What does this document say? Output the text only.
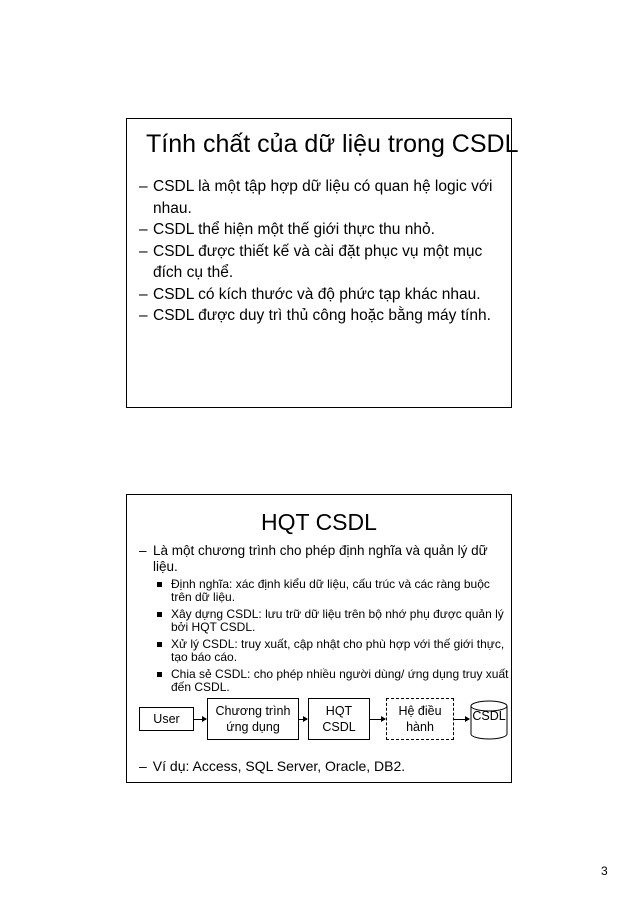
Tính chất của dữ liệu trong CSDL
– CSDL là một tập hợp dữ liệu có quan hệ logic với nhau.
– CSDL thể hiện một thế giới thực thu nhỏ.
– CSDL được thiết kế và cài đặt phục vụ một mục đích cụ thể.
– CSDL có kích thước và độ phức tạp khác nhau.
– CSDL được duy trì thủ công hoặc bằng máy tính.
HQT CSDL
– Là một chương trình cho phép định nghĩa và quản lý dữ liệu.
Định nghĩa: xác định kiểu dữ liệu, cấu trúc và các ràng buộc trên dữ liệu.
Xây dựng CSDL: lưu trữ dữ liệu trên bộ nhớ phụ được quản lý bởi HQT CSDL.
Xử lý CSDL: truy xuất, cập nhật cho phù hợp với thế giới thực, tạo báo cáo.
Chia sẻ CSDL: cho phép nhiều người dùng/ ứng dụng truy xuất đến CSDL.
User
Chương trình
ứng dụng
HQT
CSDL
Hệ điều
hành
CSDL
– Ví dụ: Access, SQL Server, Oracle, DB2.
3
